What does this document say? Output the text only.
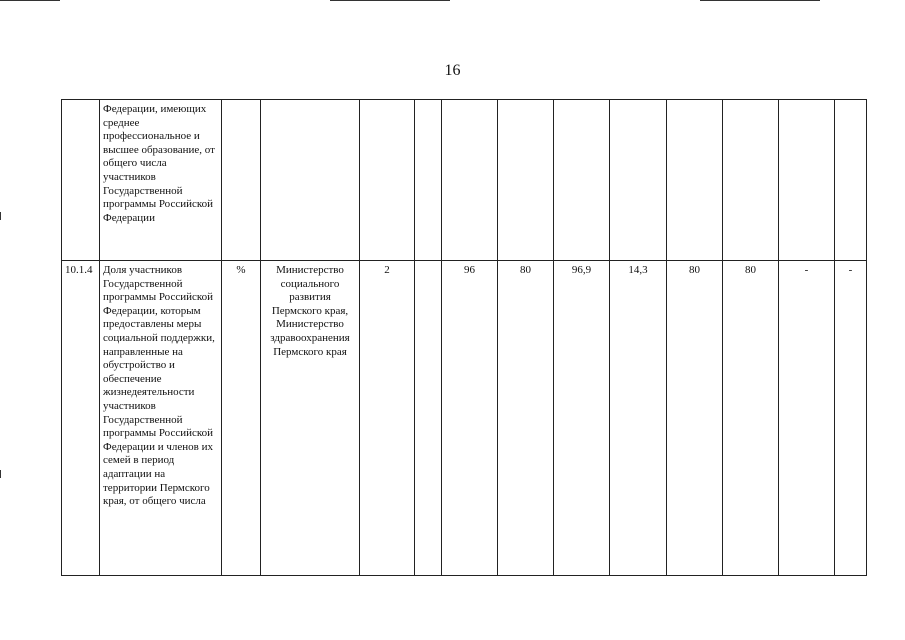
16
	Федерации, имеющих среднее профессиональное и высшее образование, от общего числа участников Государственной программы Российской Федерации												
10.1.4	Доля участников Государственной программы Российской Федерации, которым предоставлены меры социальной поддержки, направленные на обустройство и обеспечение жизнедеятельности участников Государственной программы Российской Федерации и членов их семей в период адаптации на территории Пермского края, от общего числа	%	Министерство социального развития Пермского края, Министерство здравоохранения Пермского края	2		96	80	96,9	14,3	80	80	-	-
